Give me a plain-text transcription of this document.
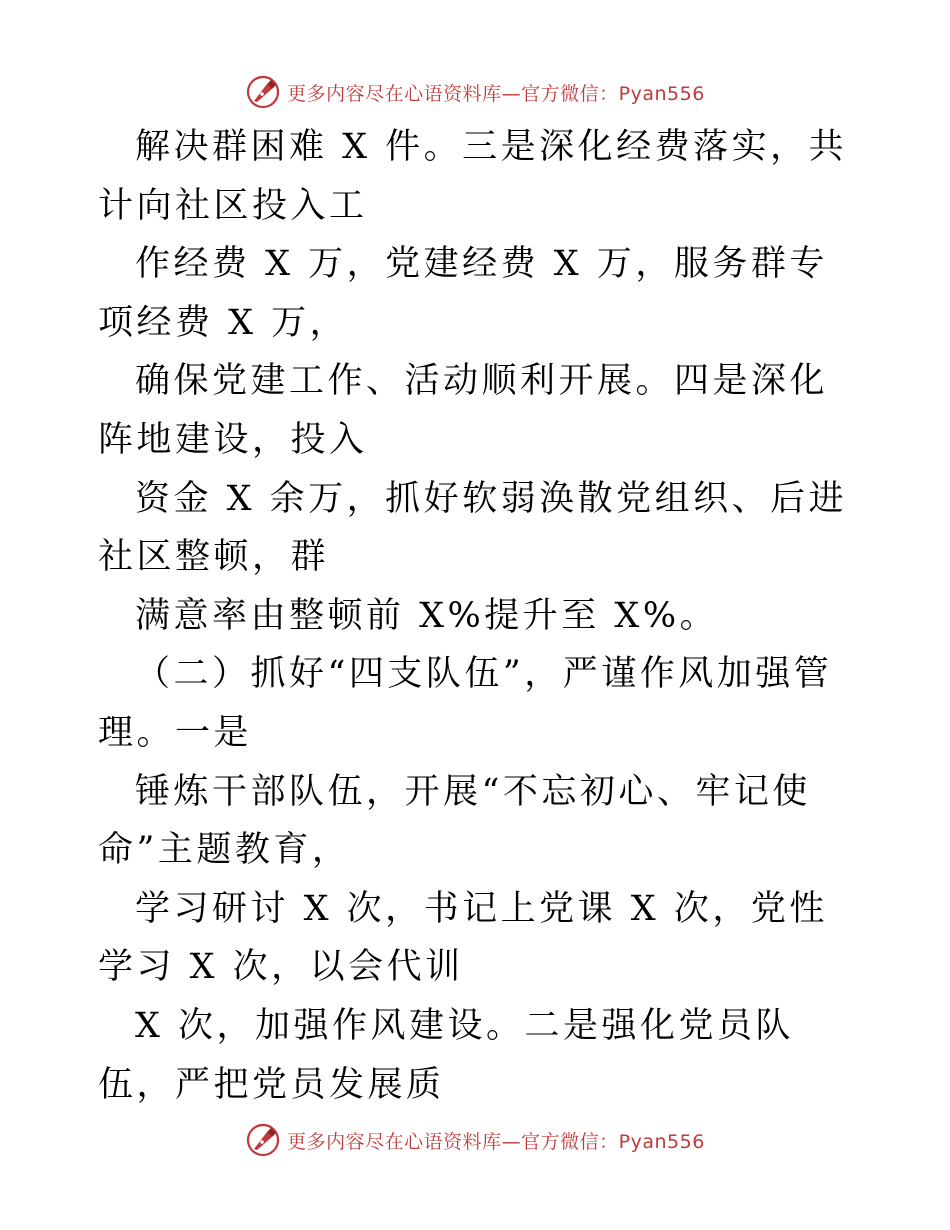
更多内容尽在心语资料库—官方微信：Pyan556

解决群困难 X 件。三是深化经费落实，共计向社区投入工

作经费 X 万，党建经费 X 万，服务群专项经费 X 万，

确保党建工作、活动顺利开展。四是深化阵地建设，投入

资金 X 余万，抓好软弱涣散党组织、后进社区整顿，群

满意率由整顿前 X%提升至 X%。

（二）抓好“四支队伍”，严谨作风加强管理。一是

锤炼干部队伍，开展“不忘初心、牢记使命”主题教育，

学习研讨 X 次，书记上党课 X 次，党性学习 X 次，以会代训

X 次，加强作风建设。二是强化党员队伍，严把党员发展质

更多内容尽在心语资料库—官方微信：Pyan556
